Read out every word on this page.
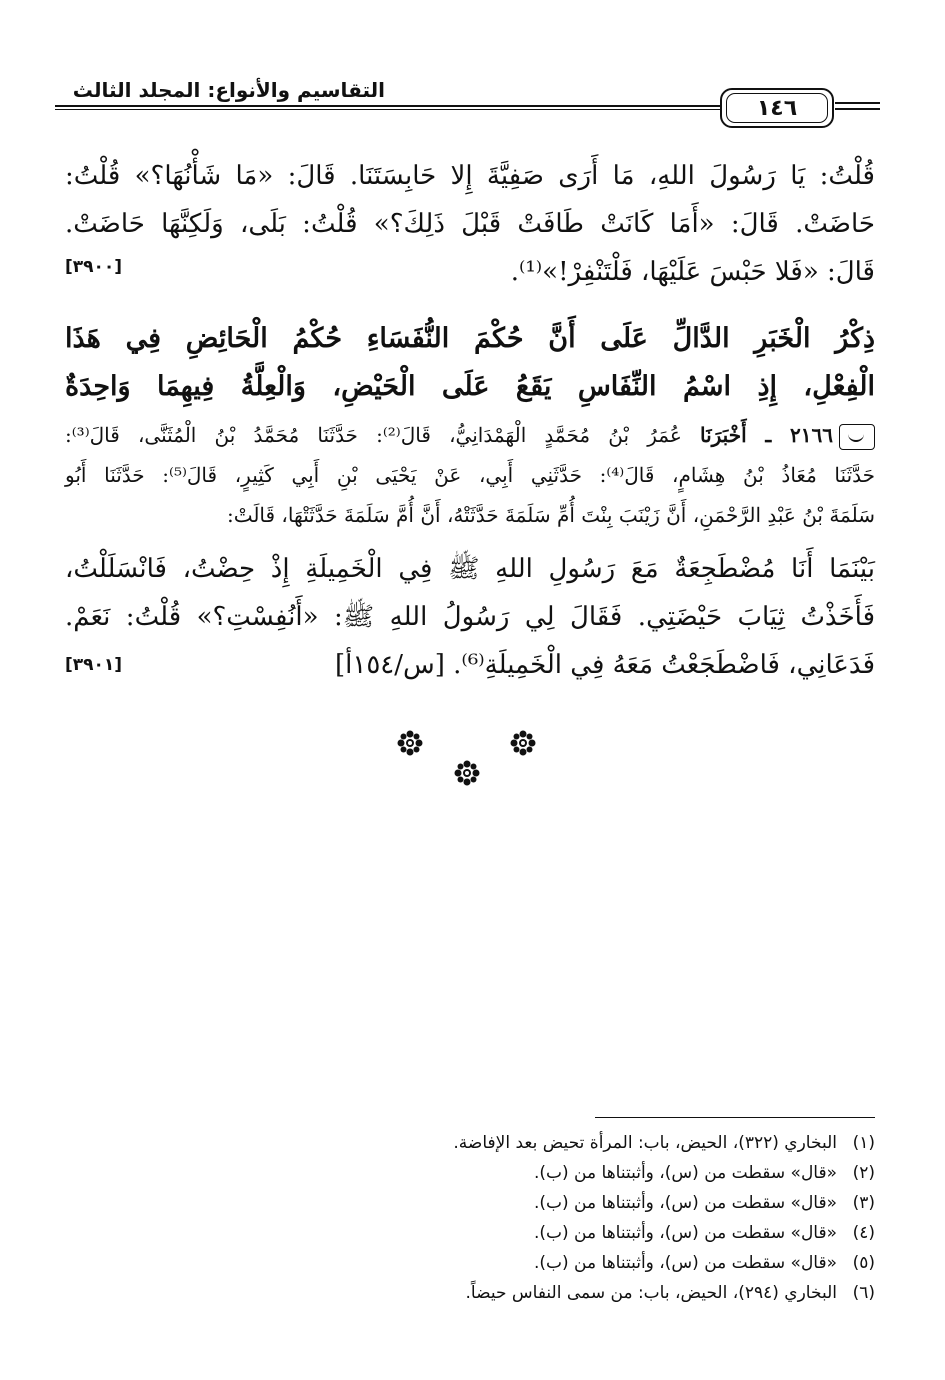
التقاسيم والأنواع: المجلد الثالث
١٤٦
قُلْتُ: يَا رَسُولَ اللهِ، مَا أَرَى صَفِيَّةَ إِلا حَابِسَتَنَا. قَالَ: «مَا شَأْنُهَا؟» قُلْتُ:
حَاضَتْ. قَالَ: «أَمَا كَانَتْ طَافَتْ قَبْلَ ذَلِكَ؟» قُلْتُ: بَلَى، وَلَكِنَّهَا حَاضَتْ.
قَالَ: «فَلا حَبْسَ عَلَيْهَا، فَلْتَنْفِرْ!»⁽¹⁾.
[٣٩٠٠]
ذِكْرُ الْخَبَرِ الدَّالِّ عَلَى أَنَّ حُكْمَ النُّفَسَاءِ حُكْمُ الْحَائِضِ فِي هَذَا
الْفِعْلِ، إِذِ اسْمُ النِّفَاسِ يَقَعُ عَلَى الْحَيْضِ، وَالْعِلَّةُ فِيهِمَا وَاحِدَةٌ
٢١٦٦ ـ أَخْبَرَنَا عُمَرُ بْنُ مُحَمَّدٍ الْهَمْدَانِيُّ، قَالَ⁽²⁾: حَدَّثَنَا مُحَمَّدُ بْنُ الْمُثَنَّى، قَالَ⁽³⁾:
حَدَّثَنَا مُعَاذُ بْنُ هِشَامٍ، قَالَ⁽⁴⁾: حَدَّثَنِي أَبِي، عَنْ يَحْيَى بْنِ أَبِي كَثِيرٍ، قَالَ⁽⁵⁾: حَدَّثَنَا أَبُو
سَلَمَةَ بْنُ عَبْدِ الرَّحْمَنِ، أَنَّ زَيْنَبَ بِنْتَ أُمِّ سَلَمَةَ حَدَّثَتْهُ، أَنَّ أُمَّ سَلَمَةَ حَدَّثَتْهَا، قَالَتْ:
بَيْنَمَا أَنَا مُضْطَجِعَةٌ مَعَ رَسُولِ اللهِ ﷺ فِي الْخَمِيلَةِ إِذْ حِضْتُ، فَانْسَلَلْتُ،
فَأَخَذْتُ ثِيَابَ حَيْضَتِي. فَقَالَ لِي رَسُولُ اللهِ ﷺ: «أَنُفِسْتِ؟» قُلْتُ: نَعَمْ.
فَدَعَانِي، فَاضْطَجَعْتُ مَعَهُ فِي الْخَمِيلَةِ⁽⁶⁾. [س/١٥٤أ]
[٣٩٠١]
(١)البخاري (٣٢٢)، الحيض، باب: المرأة تحيض بعد الإفاضة.
(٢)«قال» سقطت من (س)، وأثبتناها من (ب).
(٣)«قال» سقطت من (س)، وأثبتناها من (ب).
(٤)«قال» سقطت من (س)، وأثبتناها من (ب).
(٥)«قال» سقطت من (س)، وأثبتناها من (ب).
(٦)البخاري (٢٩٤)، الحيض، باب: من سمى النفاس حيضاً.
